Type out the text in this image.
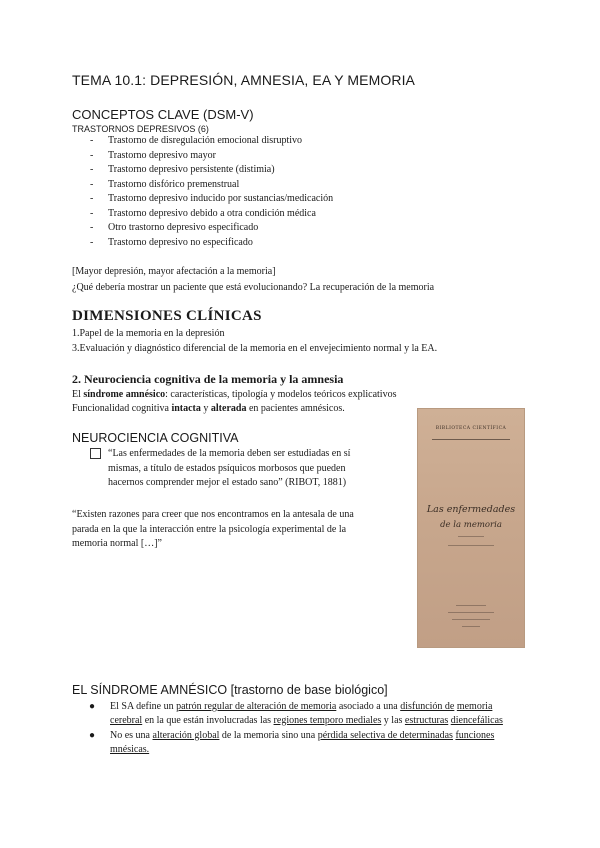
TEMA 10.1: DEPRESIÓN, AMNESIA, EA Y MEMORIA
CONCEPTOS CLAVE (DSM-V)
TRASTORNOS DEPRESIVOS (6)
- Trastorno de disregulación emocional disruptivo
- Trastorno depresivo mayor
- Trastorno depresivo persistente (distimia)
- Trastorno disfórico premenstrual
- Trastorno depresivo inducido por sustancias/medicación
- Trastorno depresivo debido a otra condición médica
- Otro trastorno depresivo especificado
- Trastorno depresivo no especificado
[Mayor depresión, mayor afectación a la memoria]
¿Qué debería mostrar un paciente que está evolucionando? La recuperación de la memoria
DIMENSIONES CLÍNICAS
1.Papel de la memoria en la depresión
3.Evaluación y diagnóstico diferencial de la memoria en el envejecimiento normal y la EA.
2. Neurociencia cognitiva de la memoria y la amnesia
El síndrome amnésico: características, tipología y modelos teóricos explicativos
Funcionalidad cognitiva intacta y alterada en pacientes amnésicos.
NEUROCIENCIA COGNITIVA
“Las enfermedades de la memoria deben ser estudiadas en sí
mismas, a título de estados psíquicos morbosos que pueden
hacernos comprender mejor el estado sano” (RIBOT, 1881)
“Existen razones para creer que nos encontramos en la antesala de una
parada en la que la interacción entre la psicología experimental de la
memoria normal […]”
BIBLIOTECA CIENTÍFICA
Las enfermedades
de la memoria
EL SÍNDROME AMNÉSICO [trastorno de base biológico]
● El SA define un patrón regular de alteración de memoria asociado a una disfunción de memoria cerebral en la que están involucradas las regiones temporo mediales y las estructuras diencefálicas
● No es una alteración global de la memoria sino una pérdida selectiva de determinadas funciones mnésicas.
